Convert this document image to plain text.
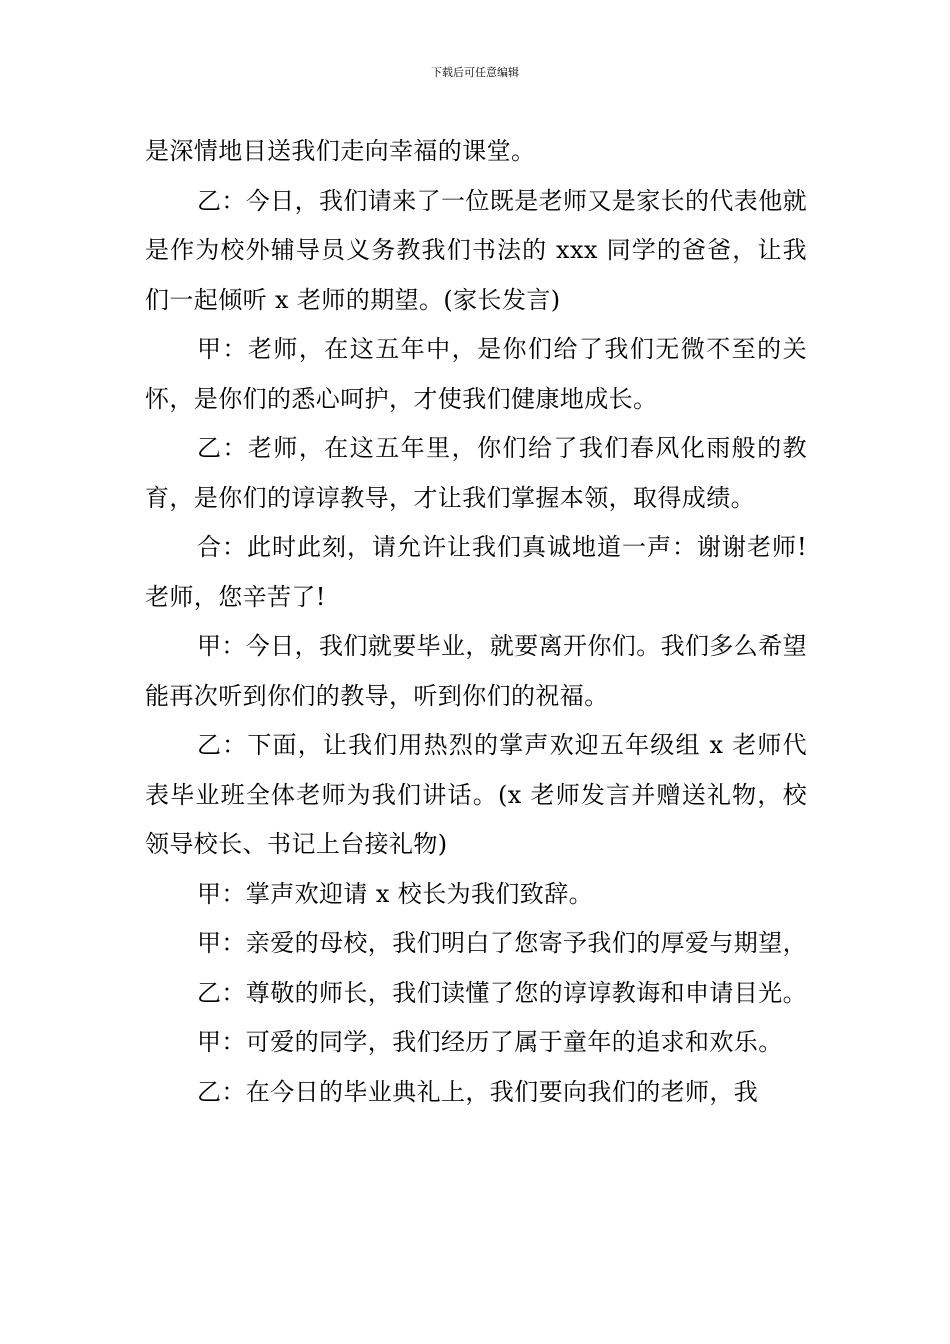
下载后可任意编辑

是深情地目送我们走向幸福的课堂。

乙：今日，我们请来了一位既是老师又是家长的代表他就是作为校外辅导员义务教我们书法的 xxx 同学的爸爸，让我们一起倾听 x 老师的期望。(家长发言)

甲：老师，在这五年中，是你们给了我们无微不至的关怀，是你们的悉心呵护，才使我们健康地成长。

乙：老师，在这五年里，你们给了我们春风化雨般的教育，是你们的谆谆教导，才让我们掌握本领，取得成绩。

合：此时此刻，请允许让我们真诚地道一声：谢谢老师!老师，您辛苦了!

甲：今日，我们就要毕业，就要离开你们。我们多么希望能再次听到你们的教导，听到你们的祝福。

乙：下面，让我们用热烈的掌声欢迎五年级组 x 老师代表毕业班全体老师为我们讲话。(x 老师发言并赠送礼物，校领导校长、书记上台接礼物)

甲：掌声欢迎请 x 校长为我们致辞。

甲：亲爱的母校，我们明白了您寄予我们的厚爱与期望，

乙：尊敬的师长，我们读懂了您的谆谆教诲和申请目光。

甲：可爱的同学，我们经历了属于童年的追求和欢乐。

乙：在今日的毕业典礼上，我们要向我们的老师，我
